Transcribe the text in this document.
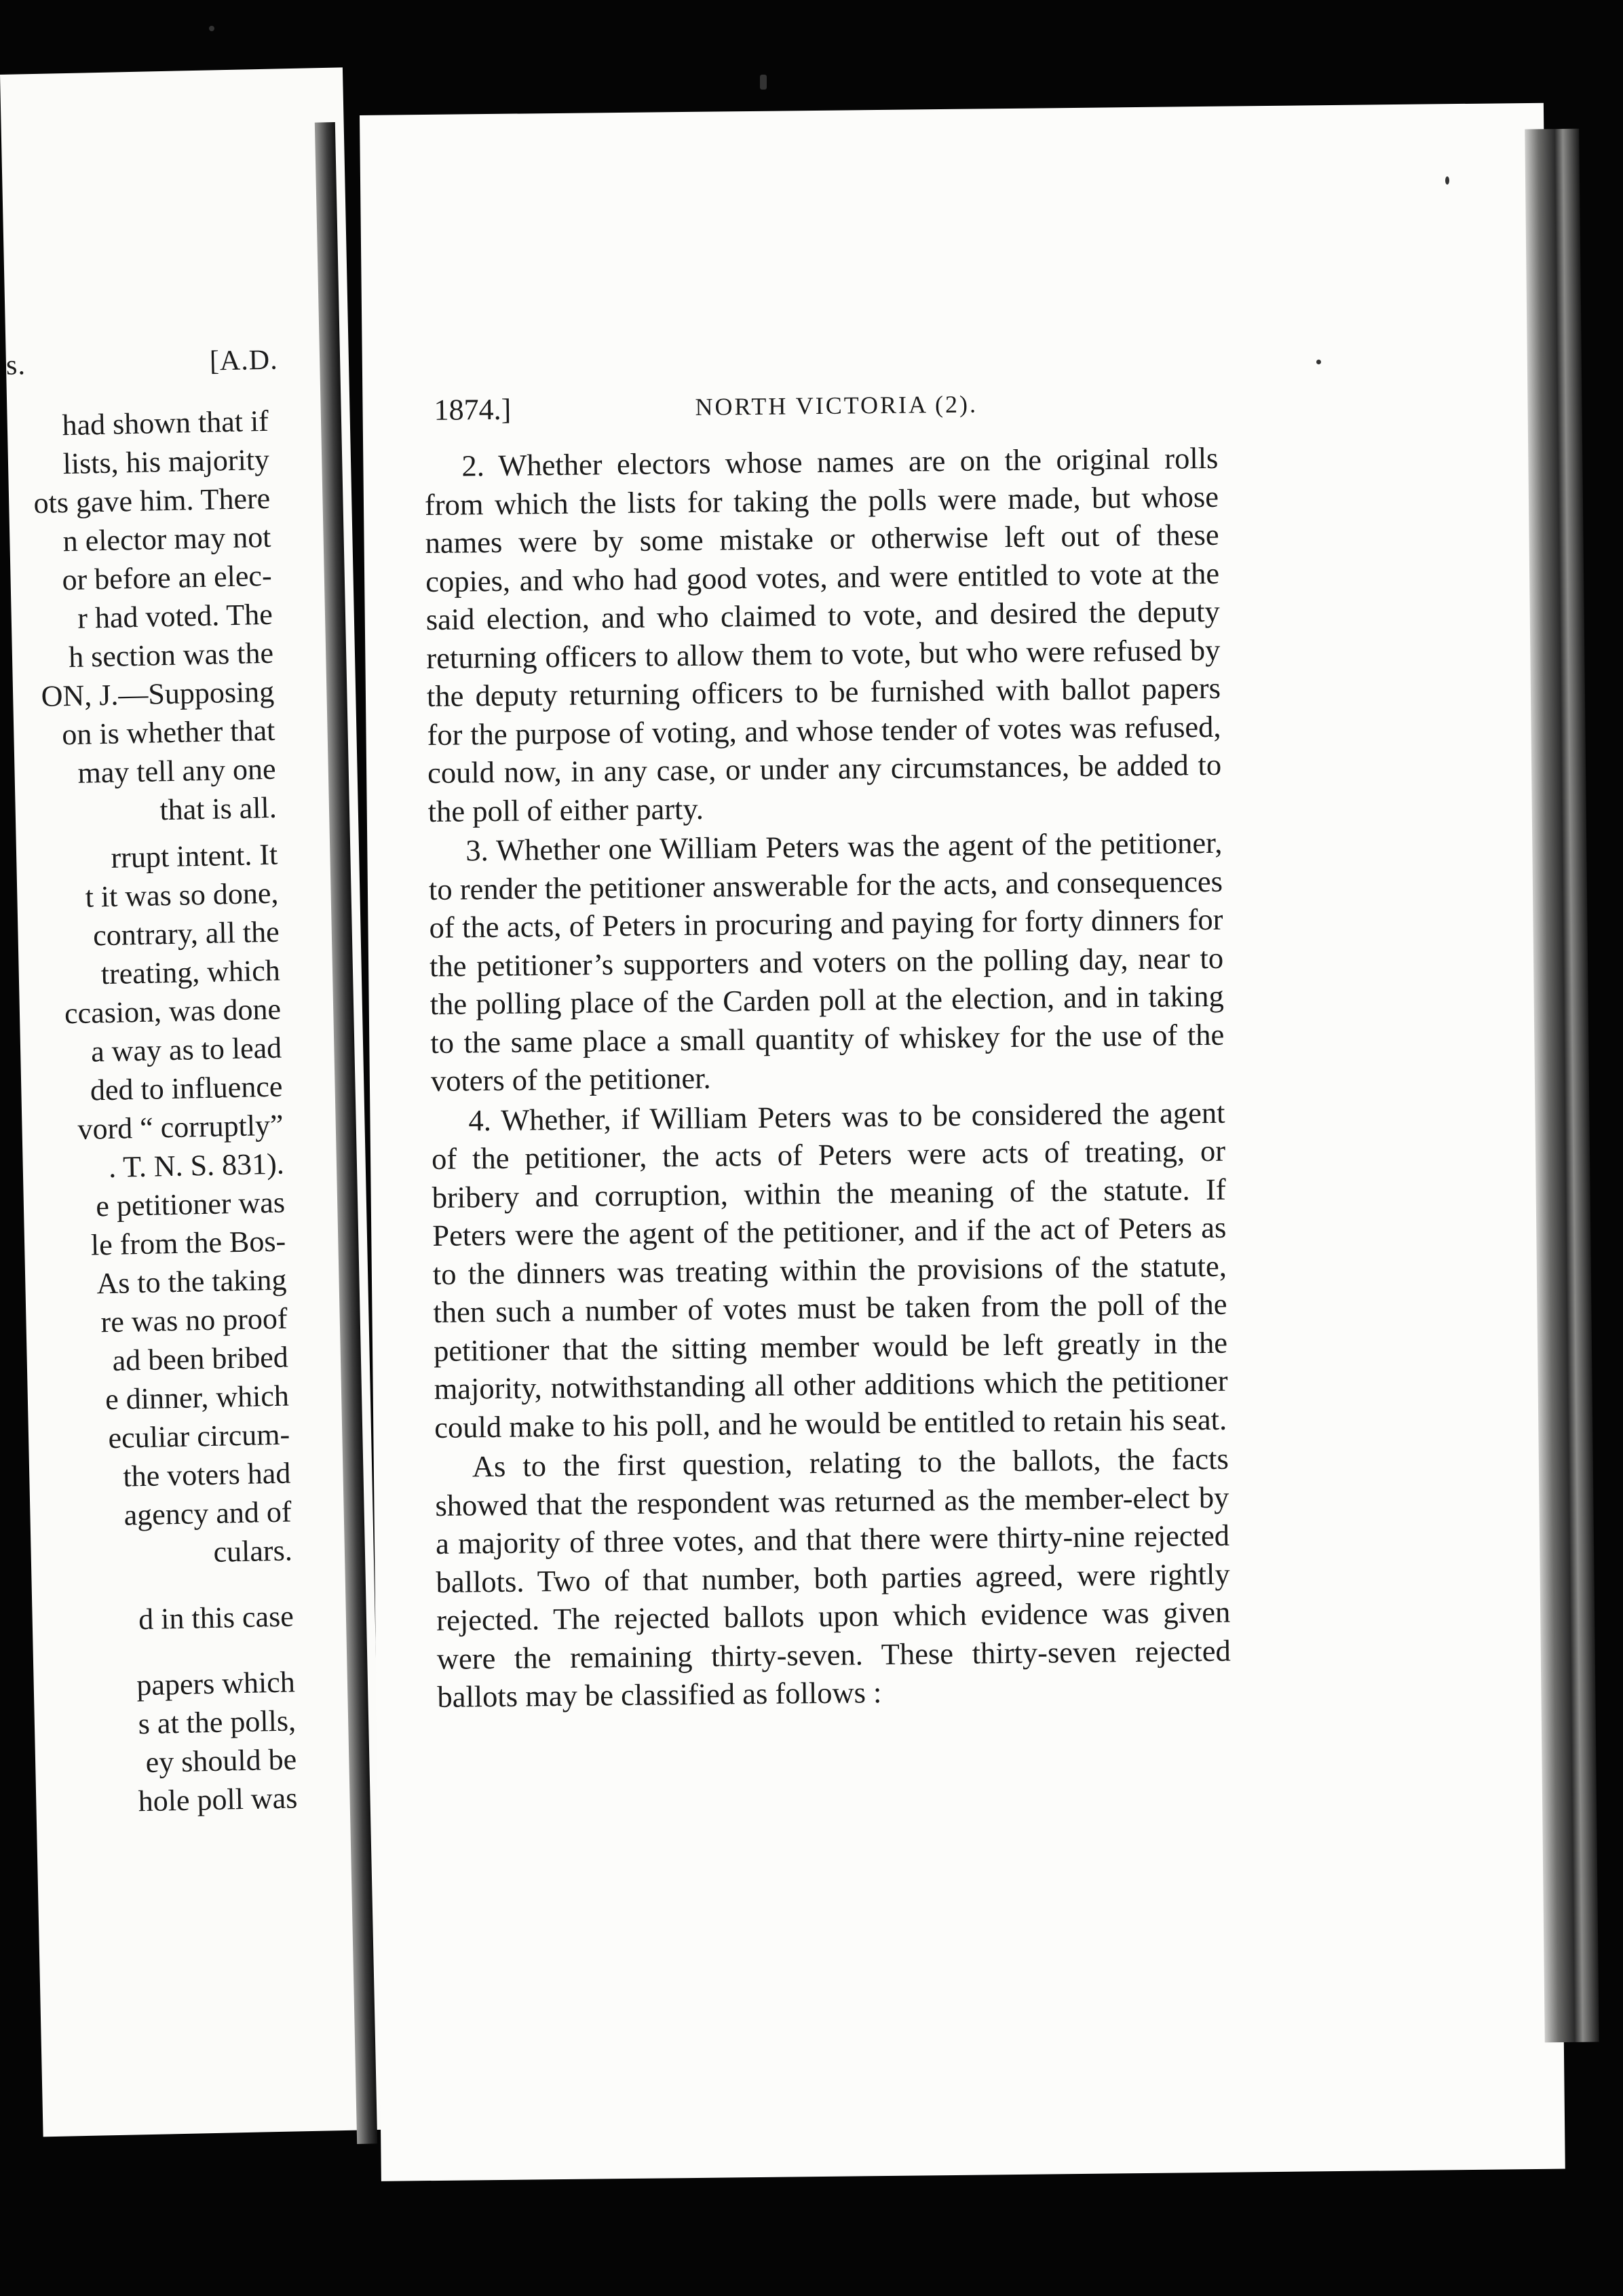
s.	[A.D.
had shown that if
lists, his majority
ots gave him. There
n elector may not
or before an elec-
r had voted. The
h section was the
ON, J.—Supposing
on is whether that
may tell any one
that is all.
rrupt intent. It
t it was so done,
contrary, all the
treating, which
ccasion, was done
a way as to lead
ded to influence
vord “ corruptly”
. T. N. S. 831).
e petitioner was
le from the Bos-
As to the taking
re was no proof
ad been bribed
e dinner, which
eculiar circum-
the voters had
agency and of
culars.
d in this case
papers which
s at the polls,
ey should be
hole poll was
1874.]	NORTH VICTORIA (2).

2. Whether electors whose names are on the original rolls from which the lists for taking the polls were made, but whose names were by some mistake or otherwise left out of these copies, and who had good votes, and were entitled to vote at the said election, and who claimed to vote, and desired the deputy returning officers to allow them to vote, but who were refused by the deputy returning officers to be furnished with ballot papers for the purpose of voting, and whose tender of votes was refused, could now, in any case, or under any circumstances, be added to the poll of either party.

3. Whether one William Peters was the agent of the petitioner, to render the petitioner answerable for the acts, and consequences of the acts, of Peters in procuring and paying for forty dinners for the petitioner’s supporters and voters on the polling day, near to the polling place of the Carden poll at the election, and in taking to the same place a small quantity of whiskey for the use of the voters of the petitioner.

4. Whether, if William Peters was to be considered the agent of the petitioner, the acts of Peters were acts of treating, or bribery and corruption, within the meaning of the statute. If Peters were the agent of the petitioner, and if the act of Peters as to the dinners was treating within the provisions of the statute, then such a number of votes must be taken from the poll of the petitioner that the sitting member would be left greatly in the majority, notwithstanding all other additions which the petitioner could make to his poll, and he would be entitled to retain his seat.

As to the first question, relating to the ballots, the facts showed that the respondent was returned as the member-elect by a majority of three votes, and that there were thirty-nine rejected ballots. Two of that number, both parties agreed, were rightly rejected. The rejected ballots upon which evidence was given were the remaining thirty-seven. These thirty-seven rejected ballots may be classified as follows :
